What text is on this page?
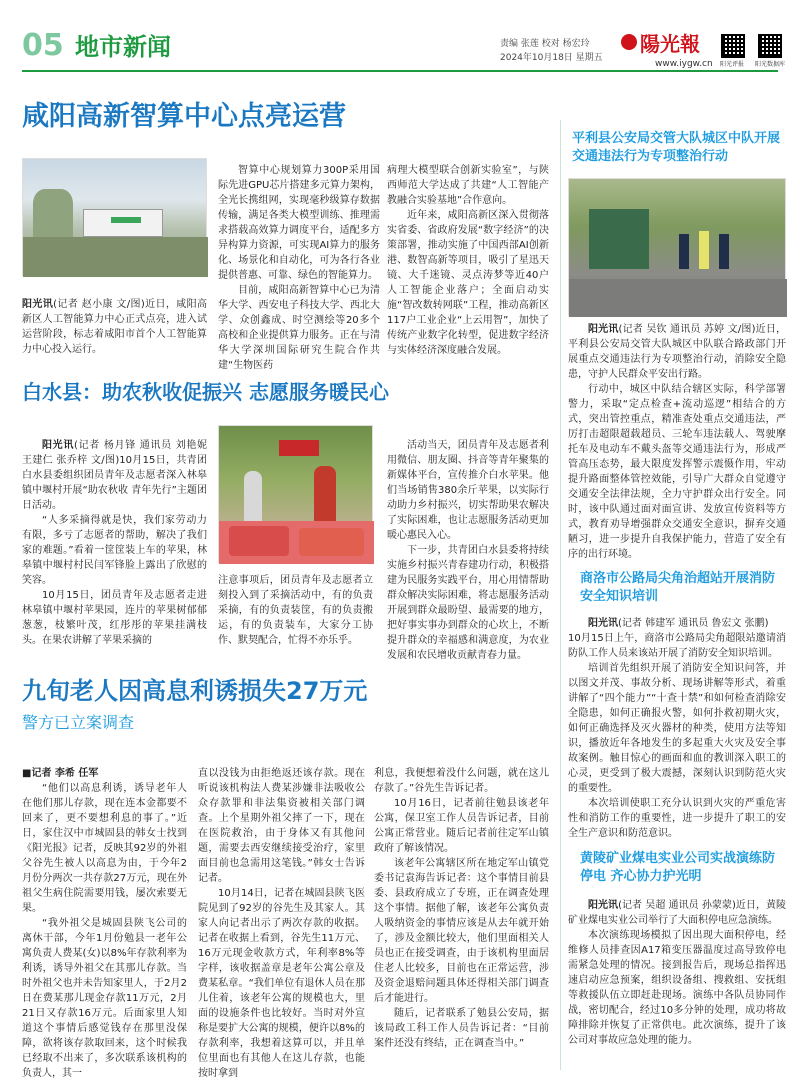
05 地市新闻	责编 张莲 校对 杨宏玲
2024年10月18日 星期五
陽光報
www.iygw.cn 阳光评报 阳光数据库
咸阳高新智算中心点亮运营
阳光讯(记者 赵小康 文/图)近日，咸阳高新区人工智能算力中心正式点亮，进入试运营阶段，标志着咸阳市首个人工智能算力中心投入运行。

智算中心规划算力300P采用国际先进GPU芯片搭建多元算力架构，全光长携组网，实现毫秒级算存数据传输，满足各类大模型训练、推理需求搭载高效算力调度平台，适配多方异构算力资源，可实现AI算力的服务化、场景化和自动化，可为各行各业提供普惠、可靠、绿色的智能算力。

目前，咸阳高新智算中心已为清华大学、西安电子科技大学、西北大学、众创鑫成、时空测绘等20多个高校和企业提供算力服务。正在与清华大学深圳国际研究生院合作共建“生物医药

病理大模型联合创新实验室”，与陕西师范大学达成了共建“人工智能产教融合实验基地”合作意向。

近年来，咸阳高新区深入贯彻落实省委、省政府发展“数字经济”的决策部署，推动实施了中国西部AI创新港、数智高新等项目，吸引了星迅天镜、大千迷镜、灵点涛梦等近40户人工智能企业落户；全面启动实施“智改数转网联”工程，推动高新区117户工业企业“上云用智”，加快了传统产业数字化转型，促进数字经济与实体经济深度融合发展。

白水县：助农秋收促振兴 志愿服务暖民心
阳光讯(记者 杨月锋 通讯员 刘艳妮 王建仁 张乔梓 文/图)10月15日，共青团白水县委组织团员青年及志愿者深入林皋镇中堰村开展“助农秋收 青年先行”主题团日活动。

“人多采摘得就是快，我们家劳动力有限，多亏了志愿者的帮助，解决了我们家的难题。”看着一筐筐装上车的苹果，林皋镇中堰村村民闫军锋脸上露出了欣慰的笑容。

10月15日，团员青年及志愿者走进林皋镇中堰村苹果园，连片的苹果树郁郁葱葱，枝繁叶茂，红彤彤的苹果挂满枝头。在果农讲解了苹果采摘的

注意事项后，团员青年及志愿者立刻投入到了采摘活动中，有的负责采摘，有的负责装筐，有的负责搬运，有的负责装车，大家分工协作、默契配合，忙得不亦乐乎。

活动当天，团员青年及志愿者利用微信、朋友圈、抖音等青年聚集的新媒体平台，宣传推介白水苹果。他们当场销售380余斤苹果，以实际行动助力乡村振兴，切实帮助果农解决了实际困难，也让志愿服务活动更加暖心惠民入心。

下一步，共青团白水县委将持续实施乡村振兴青春建功行动，积极搭建为民服务实践平台，用心用情帮助群众解决实际困难，将志愿服务活动开展到群众最盼望、最需要的地方，把好事实事办到群众的心坎上，不断提升群众的幸福感和满意度，为农业发展和农民增收贡献青春力量。

九旬老人因高息利诱损失27万元
警方已立案调查
■记者 李希 任军

“他们以高息利诱，诱导老年人在他们那儿存款，现在连本金都要不回来了，更不要想利息的事了。”近日，家住汉中市城固县的韩女士找到《阳光报》记者，反映其92岁的外祖父谷先生被人以高息为由，于今年2月份分两次一共存款27万元，现在外祖父生病住院需要用钱，屡次索要无果。

“我外祖父是城固县陕飞公司的离休干部，今年1月份勉县一老年公寓负责人费某(女)以8%年存款利率为利诱，诱导外祖父在其那儿存款。当时外祖父也并未告知家里人，于2月2日在费某那儿现金存款11万元，2月21日又存款16万元。后面家里人知道这个事情后感觉钱存在那里没保障，欲将该存款取回来，这个时候我已经取不出来了，多次联系该机构的负责人，其一

直以没钱为由拒绝返还该存款。现在听说该机构法人费某涉嫌非法吸收公众存款罪和非法集资被相关部门调查。上个星期外祖父摔了一下，现在在医院救治，由于身体又有其他问题，需要去西安继续接受治疗，家里面目前也急需用这笔钱。”韩女士告诉记者。

10月14日，记者在城固县陕飞医院见到了92岁的谷先生及其家人。其家人向记者出示了两次存款的收据。记者在收据上看到，谷先生11万元、16万元现金收款方式，年利率8%等字样，该收据盖章是老年公寓公章及费某私章。“我们单位有退休人员在那儿住着，该老年公寓的规模也大，里面的设施条件也比较好。当时对外宣称是要扩大公寓的规模，便许以8%的存款利率，我想着这算可以，并且单位里面也有其他人在这儿存款，也能按时拿到

利息，我便想着没什么问题，就在这儿存款了。”谷先生告诉记者。

10月16日，记者前往勉县该老年公寓，保卫室工作人员告诉记者，目前公寓正常营业。随后记者前往定军山镇政府了解该情况。

该老年公寓辖区所在地定军山镇党委书记袁海告诉记者：这个事情目前县委、县政府成立了专班，正在调查处理这个事情。据他了解，该老年公寓负责人吸纳资金的事情应该是从去年就开始了，涉及金额比较大，他们里面相关人员也正在接受调查，由于该机构里面居住老人比较多，目前也在正常运营，涉及资金退赔问题具体还得相关部门调查后才能进行。

随后，记者联系了勉县公安局，据该局政工科工作人员告诉记者：“目前案件还没有终结，正在调查当中。”

平利县公安局交管大队城区中队开展交通违法行为专项整治行动
阳光讯(记者 吴钦 通讯员 苏婷 文/图)近日，平利县公安局交管大队城区中队联合路政部门开展重点交通违法行为专项整治行动，消除安全隐患，守护人民群众平安出行路。

行动中，城区中队结合辖区实际，科学部署警力，采取“定点检查+流动巡逻”相结合的方式，突出管控重点，精准查处重点交通违法，严厉打击超限超载超员、三轮车违法载人、驾驶摩托车及电动车不戴头盔等交通违法行为，形成严管高压态势，最大限度发挥警示震慑作用，牢动提升路面整体管控效能，引导广大群众自觉遵守交通安全法律法规，全力守护群众出行安全。同时，该中队通过面对面宣讲、发放宣传资料等方式，教育劝导增强群众交通安全意识，摒弃交通陋习，进一步提升自我保护能力，营造了安全有序的出行环境。

商洛市公路局尖角治超站开展消防安全知识培训
阳光讯(记者 韩建军 通讯员 鲁宏文 张鹏)
10月15日上午，商洛市公路局尖角超限站邀请消防队工作人员来该站开展了消防安全知识培训。

培训首先组织开展了消防安全知识问答，并以图文并茂、事故分析、现场讲解等形式，着重讲解了“四个能力”“十查十禁”和如何检查消除安全隐患，如何正确报火警，如何扑救初期火灾，如何正确选择及灭火器材的种类，使用方法等知识，播放近年各地发生的多起重大火灾及安全事故案例。触目惊心的画面和血的教训深入职工的心灵，更受到了极大震撼，深刻认识到防范火灾的重要性。

本次培训使职工充分认识到火灾的严重危害性和消防工作的重要性，进一步提升了职工的安全生产意识和防范意识。

黄陵矿业煤电实业公司实战演练防停电 齐心协力护光明
阳光讯(记者 吴超 通讯员 孙蒙蒙)近日，黄陵矿业煤电实业公司举行了大面积停电应急演练。

本次演练现场模拟了因出现大面积停电，经维修人员排查因A17箱变压器温度过高导致停电需紧急处理的情况。接到报告后，现场总指挥迅速启动应急预案，组织设备组、搜救组、安抚组等救援队伍立即赶赴现场。演练中各队员协同作战，密切配合，经过10多分钟的处理，成功将故障排除并恢复了正常供电。此次演练，提升了该公司对事故应急处理的能力。
